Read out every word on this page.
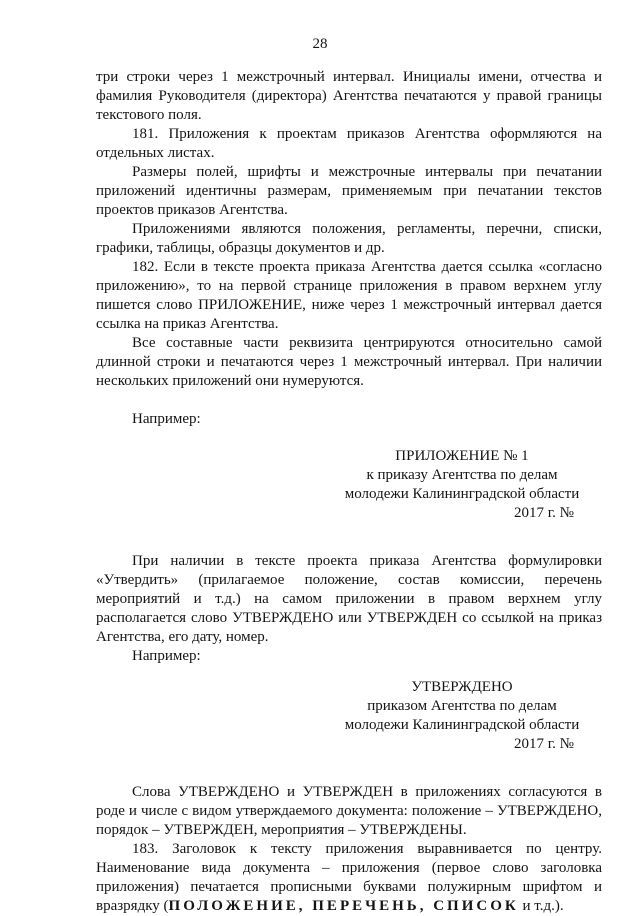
28

три строки через 1 межстрочный интервал. Инициалы имени, отчества и фамилия Руководителя (директора) Агентства печатаются у правой границы текстового поля.

181. Приложения к проектам приказов Агентства оформляются на отдельных листах.

Размеры полей, шрифты и межстрочные интервалы при печатании приложений идентичны размерам, применяемым при печатании текстов проектов приказов Агентства.

Приложениями являются положения, регламенты, перечни, списки, графики, таблицы, образцы документов и др.

182. Если в тексте проекта приказа Агентства дается ссылка «согласно приложению», то на первой странице приложения в правом верхнем углу пишется слово ПРИЛОЖЕНИЕ, ниже через 1 межстрочный интервал дается ссылка на приказ Агентства.

Все составные части реквизита центрируются относительно самой длинной строки и печатаются через 1 межстрочный интервал. При наличии нескольких приложений они нумеруются.

Например:

ПРИЛОЖЕНИЕ № 1
к приказу Агентства по делам
молодежи Калининградской области
2017 г. №

При наличии в тексте проекта приказа Агентства формулировки «Утвердить» (прилагаемое положение, состав комиссии, перечень мероприятий и т.д.) на самом приложении в правом верхнем углу располагается слово УТВЕРЖДЕНО или УТВЕРЖДЕН со ссылкой на приказ Агентства, его дату, номер.

Например:

УТВЕРЖДЕНО
приказом Агентства по делам
молодежи Калининградской области
2017 г. №

Слова УТВЕРЖДЕНО и УТВЕРЖДЕН в приложениях согласуются в роде и числе с видом утверждаемого документа: положение – УТВЕРЖДЕНО, порядок – УТВЕРЖДЕН, мероприятия – УТВЕРЖДЕНЫ.

183. Заголовок к тексту приложения выравнивается по центру. Наименование вида документа – приложения (первое слово заголовка приложения) печатается прописными буквами полужирным шрифтом и вразрядку (ПОЛОЖЕНИЕ, ПЕРЕЧЕНЬ, СПИСОК и т.д.).
